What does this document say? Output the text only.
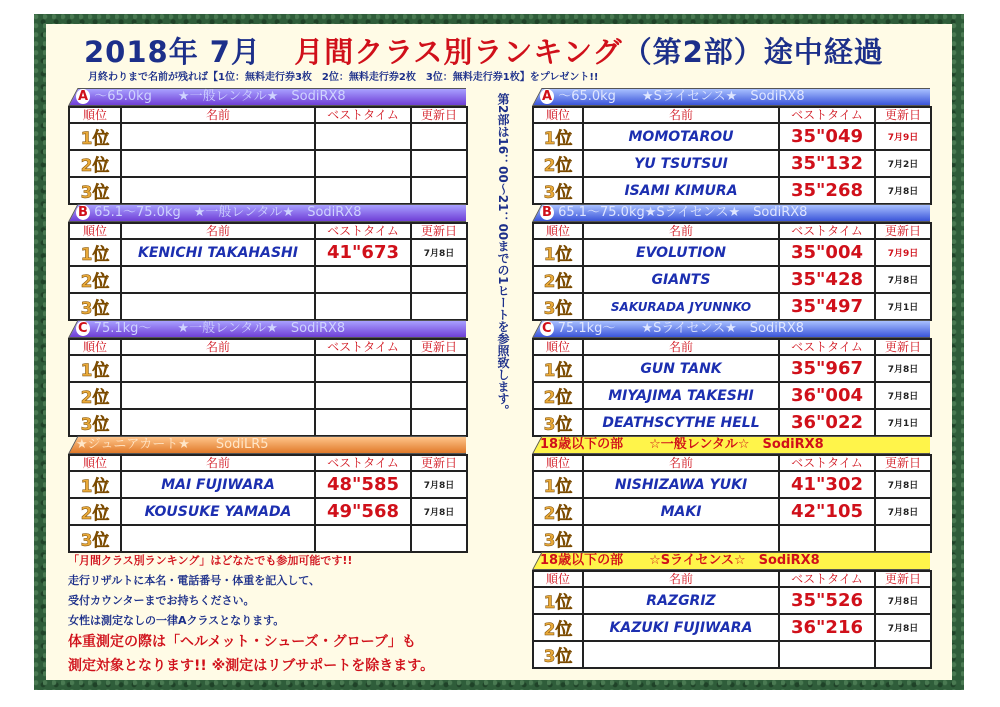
2018年 7月 月間クラス別ランキング（第2部）途中経過
月終わりまで名前が残れば【1位：無料走行券3枚　2位：無料走行券2枚　3位：無料走行券1枚】をプレゼント!!
第2部は16：00〜21：00までの1ヒートを参照致します。
A ～65.0kg　　★一般レンタル★　SodiRX8
順位	名前	ベストタイム	更新日
1位			
2位			
3位			
B 65.1～75.0kg　★一般レンタル★　SodiRX8
順位	名前	ベストタイム	更新日
1位	KENICHI TAKAHASHI	41"673	7月8日
2位			
3位			
C 75.1kg～　　★一般レンタル★　SodiRX8
順位	名前	ベストタイム	更新日
1位			
2位			
3位			
★ジュニアカート★　　SodiLR5
順位	名前	ベストタイム	更新日
1位	MAI FUJIWARA	48"585	7月8日
2位	KOUSUKE YAMADA	49"568	7月8日
3位			
A ～65.0kg　　★Sライセンス★　SodiRX8
順位	名前	ベストタイム	更新日
1位	MOMOTAROU	35"049	7月9日
2位	YU TSUTSUI	35"132	7月2日
3位	ISAMI KIMURA	35"268	7月8日
B 65.1～75.0kg★Sライセンス★　SodiRX8
順位	名前	ベストタイム	更新日
1位	EVOLUTION	35"004	7月9日
2位	GIANTS	35"428	7月8日
3位	SAKURADA JYUNNKO	35"497	7月1日
C 75.1kg～　　★Sライセンス★　SodiRX8
順位	名前	ベストタイム	更新日
1位	GUN TANK	35"967	7月8日
2位	MIYAJIMA TAKESHI	36"004	7月8日
3位	DEATHSCYTHE HELL	36"022	7月1日
18歳以下の部　　☆一般レンタル☆　SodiRX8
順位	名前	ベストタイム	更新日
1位	NISHIZAWA YUKI	41"302	7月8日
2位	MAKI	42"105	7月8日
3位			
18歳以下の部　　☆Sライセンス☆　SodiRX8
順位	名前	ベストタイム	更新日
1位	RAZGRIZ	35"526	7月8日
2位	KAZUKI FUJIWARA	36"216	7月8日
3位			
「月間クラス別ランキング」はどなたでも参加可能です!!
走行リザルトに本名・電話番号・体重を記入して、
受付カウンターまでお持ちください。
女性は測定なしの一律Aクラスとなります。
体重測定の際は「ヘルメット・シューズ・グローブ」も
測定対象となります!! ※測定はリブサポートを除きます。
